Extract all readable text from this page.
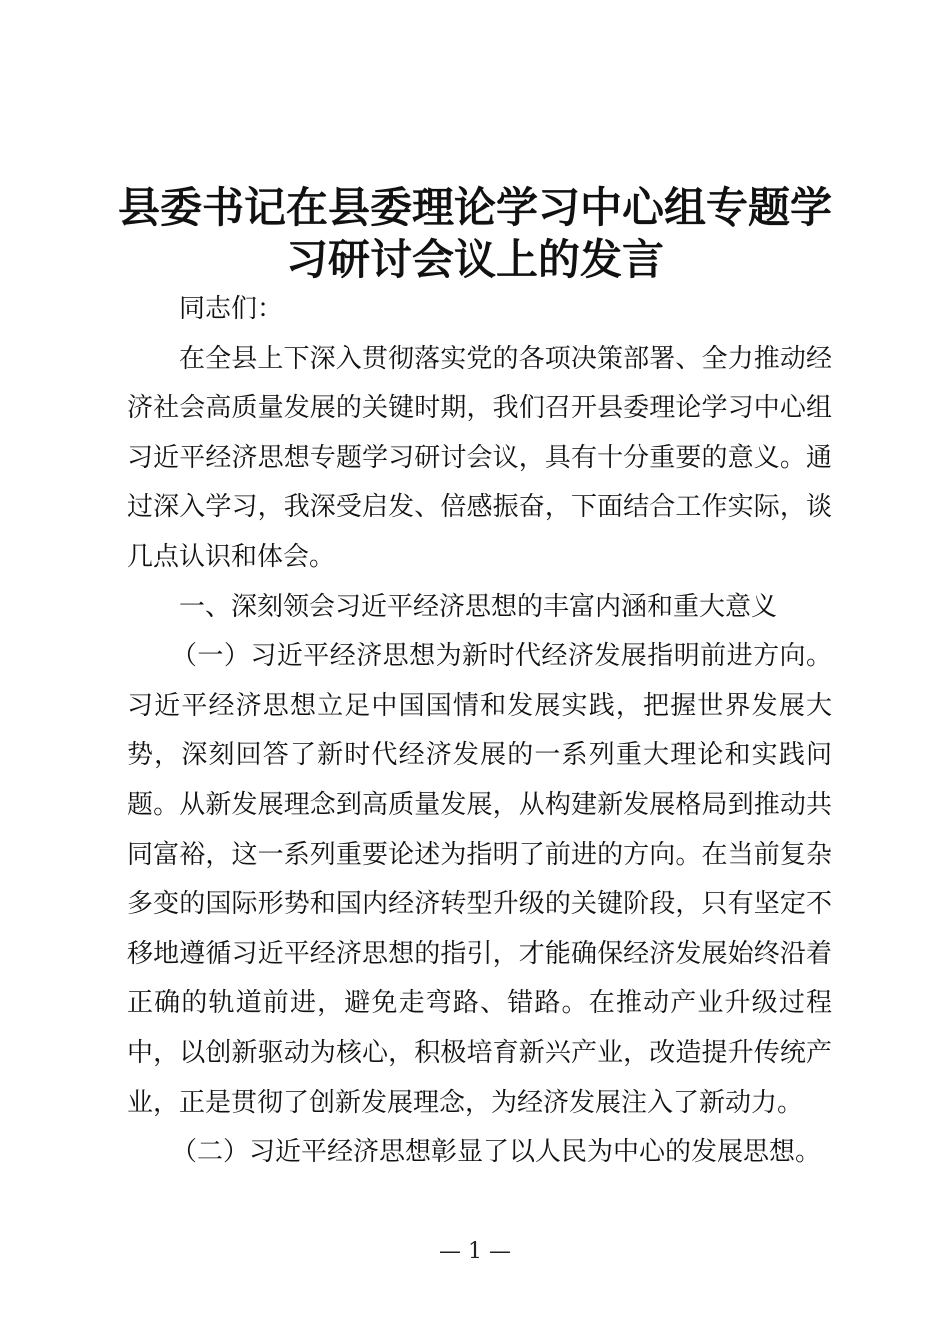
县委书记在县委理论学习中心组专题学
习研讨会议上的发言

同志们：

在全县上下深入贯彻落实党的各项决策部署、全力推动经济社会高质量发展的关键时期，我们召开县委理论学习中心组习近平经济思想专题学习研讨会议，具有十分重要的意义。通过深入学习，我深受启发、倍感振奋，下面结合工作实际，谈几点认识和体会。

一、深刻领会习近平经济思想的丰富内涵和重大意义

（一）习近平经济思想为新时代经济发展指明前进方向。习近平经济思想立足中国国情和发展实践，把握世界发展大势，深刻回答了新时代经济发展的一系列重大理论和实践问题。从新发展理念到高质量发展，从构建新发展格局到推动共同富裕，这一系列重要论述为指明了前进的方向。在当前复杂多变的国际形势和国内经济转型升级的关键阶段，只有坚定不移地遵循习近平经济思想的指引，才能确保经济发展始终沿着正确的轨道前进，避免走弯路、错路。在推动产业升级过程中，以创新驱动为核心，积极培育新兴产业，改造提升传统产业，正是贯彻了创新发展理念，为经济发展注入了新动力。

（二）习近平经济思想彰显了以人民为中心的发展思想。

— 1 —
